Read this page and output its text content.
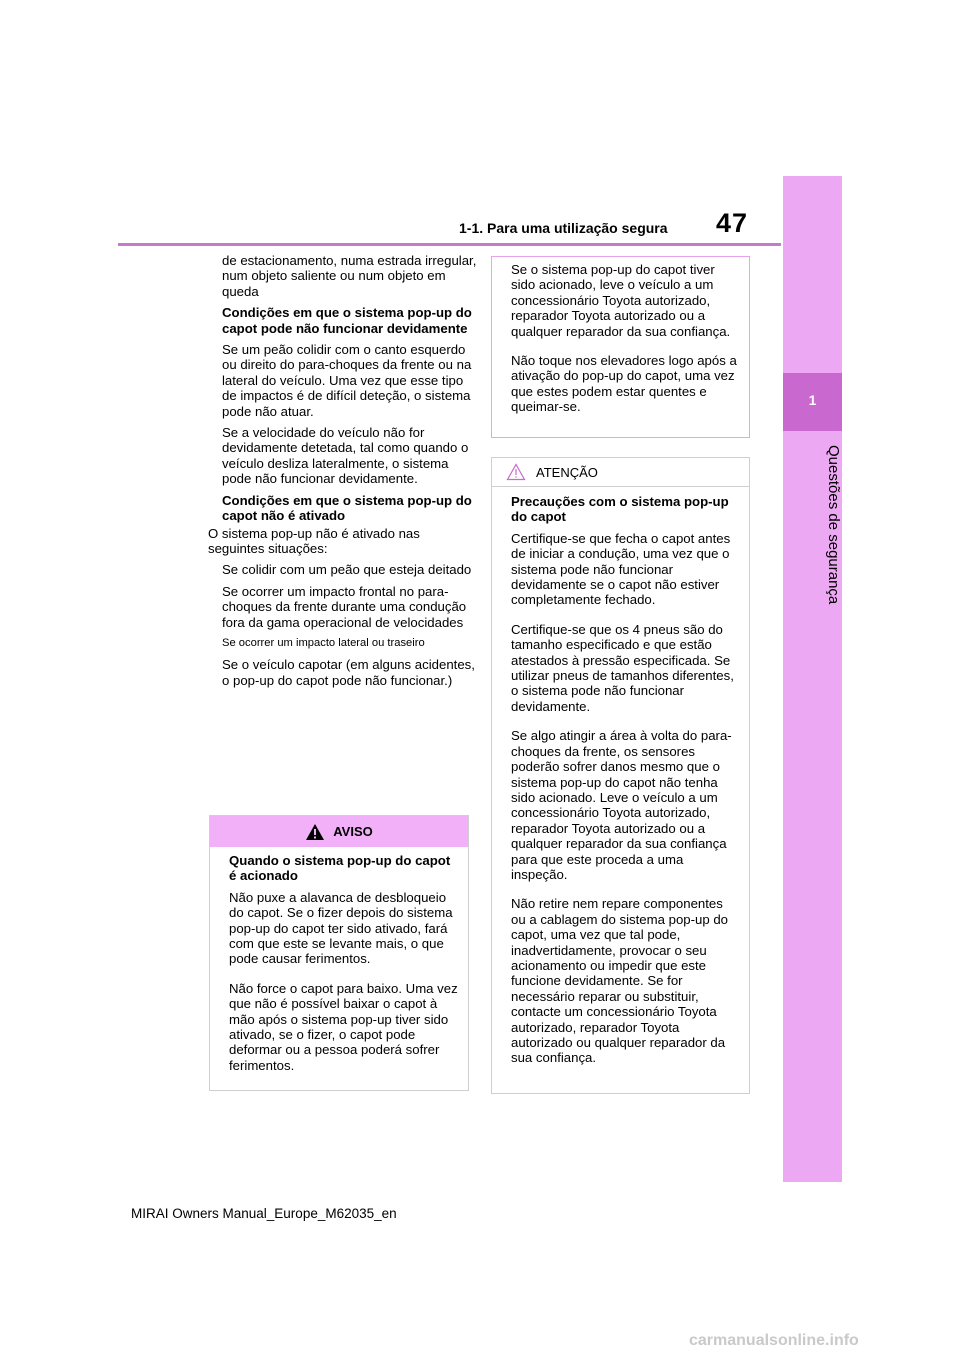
47
1-1. Para uma utilização segura
1
Questões de segurança

de estacionamento, numa estrada irregular, num objeto saliente ou num objeto em queda

Condições em que o sistema pop-up do capot pode não funcionar devidamente

Se um peão colidir com o canto esquerdo ou direito do para-choques da frente ou na lateral do veículo. Uma vez que esse tipo de impactos é de difícil deteção, o sistema pode não atuar.

Se a velocidade do veículo não for devidamente detetada, tal como quando o veículo desliza lateralmente, o sistema pode não funcionar devidamente.

Condições em que o sistema pop-up do capot não é ativado

O sistema pop-up não é ativado nas seguintes situações:

Se colidir com um peão que esteja deitado

Se ocorrer um impacto frontal no para-choques da frente durante uma condução fora da gama operacional de velocidades

Se ocorrer um impacto lateral ou traseiro

Se o veículo capotar (em alguns acidentes, o pop-up do capot pode não funcionar.)

AVISO

Quando o sistema pop-up do capot é acionado

Não puxe a alavanca de desbloqueio do capot. Se o fizer depois do sistema pop-up do capot ter sido ativado, fará com que este se levante mais, o que pode causar ferimentos.

Não force o capot para baixo. Uma vez que não é possível baixar o capot à mão após o sistema pop-up tiver sido ativado, se o fizer, o capot pode deformar ou a pessoa poderá sofrer ferimentos.

Se o sistema pop-up do capot tiver sido acionado, leve o veículo a um concessionário Toyota autorizado, reparador Toyota autorizado ou a qualquer reparador da sua confiança.

Não toque nos elevadores logo após a ativação do pop-up do capot, uma vez que estes podem estar quentes e queimar-se.

ATENÇÃO

Precauções com o sistema pop-up do capot

Certifique-se que fecha o capot antes de iniciar a condução, uma vez que o sistema pode não funcionar devidamente se o capot não estiver completamente fechado.

Certifique-se que os 4 pneus são do tamanho especificado e que estão atestados à pressão especificada. Se utilizar pneus de tamanhos diferentes, o sistema pode não funcionar devidamente.

Se algo atingir a área à volta do para-choques da frente, os sensores poderão sofrer danos mesmo que o sistema pop-up do capot não tenha sido acionado. Leve o veículo a um concessionário Toyota autorizado, reparador Toyota autorizado ou a qualquer reparador da sua confiança para que este proceda a uma inspeção.

Não retire nem repare componentes ou a cablagem do sistema pop-up do capot, uma vez que tal pode, inadvertidamente, provocar o seu acionamento ou impedir que este funcione devidamente. Se for necessário reparar ou substituir, contacte um concessionário Toyota autorizado, reparador Toyota autorizado ou qualquer reparador da sua confiança.

MIRAI Owners Manual_Europe_M62035_en
carmanualsonline.info
